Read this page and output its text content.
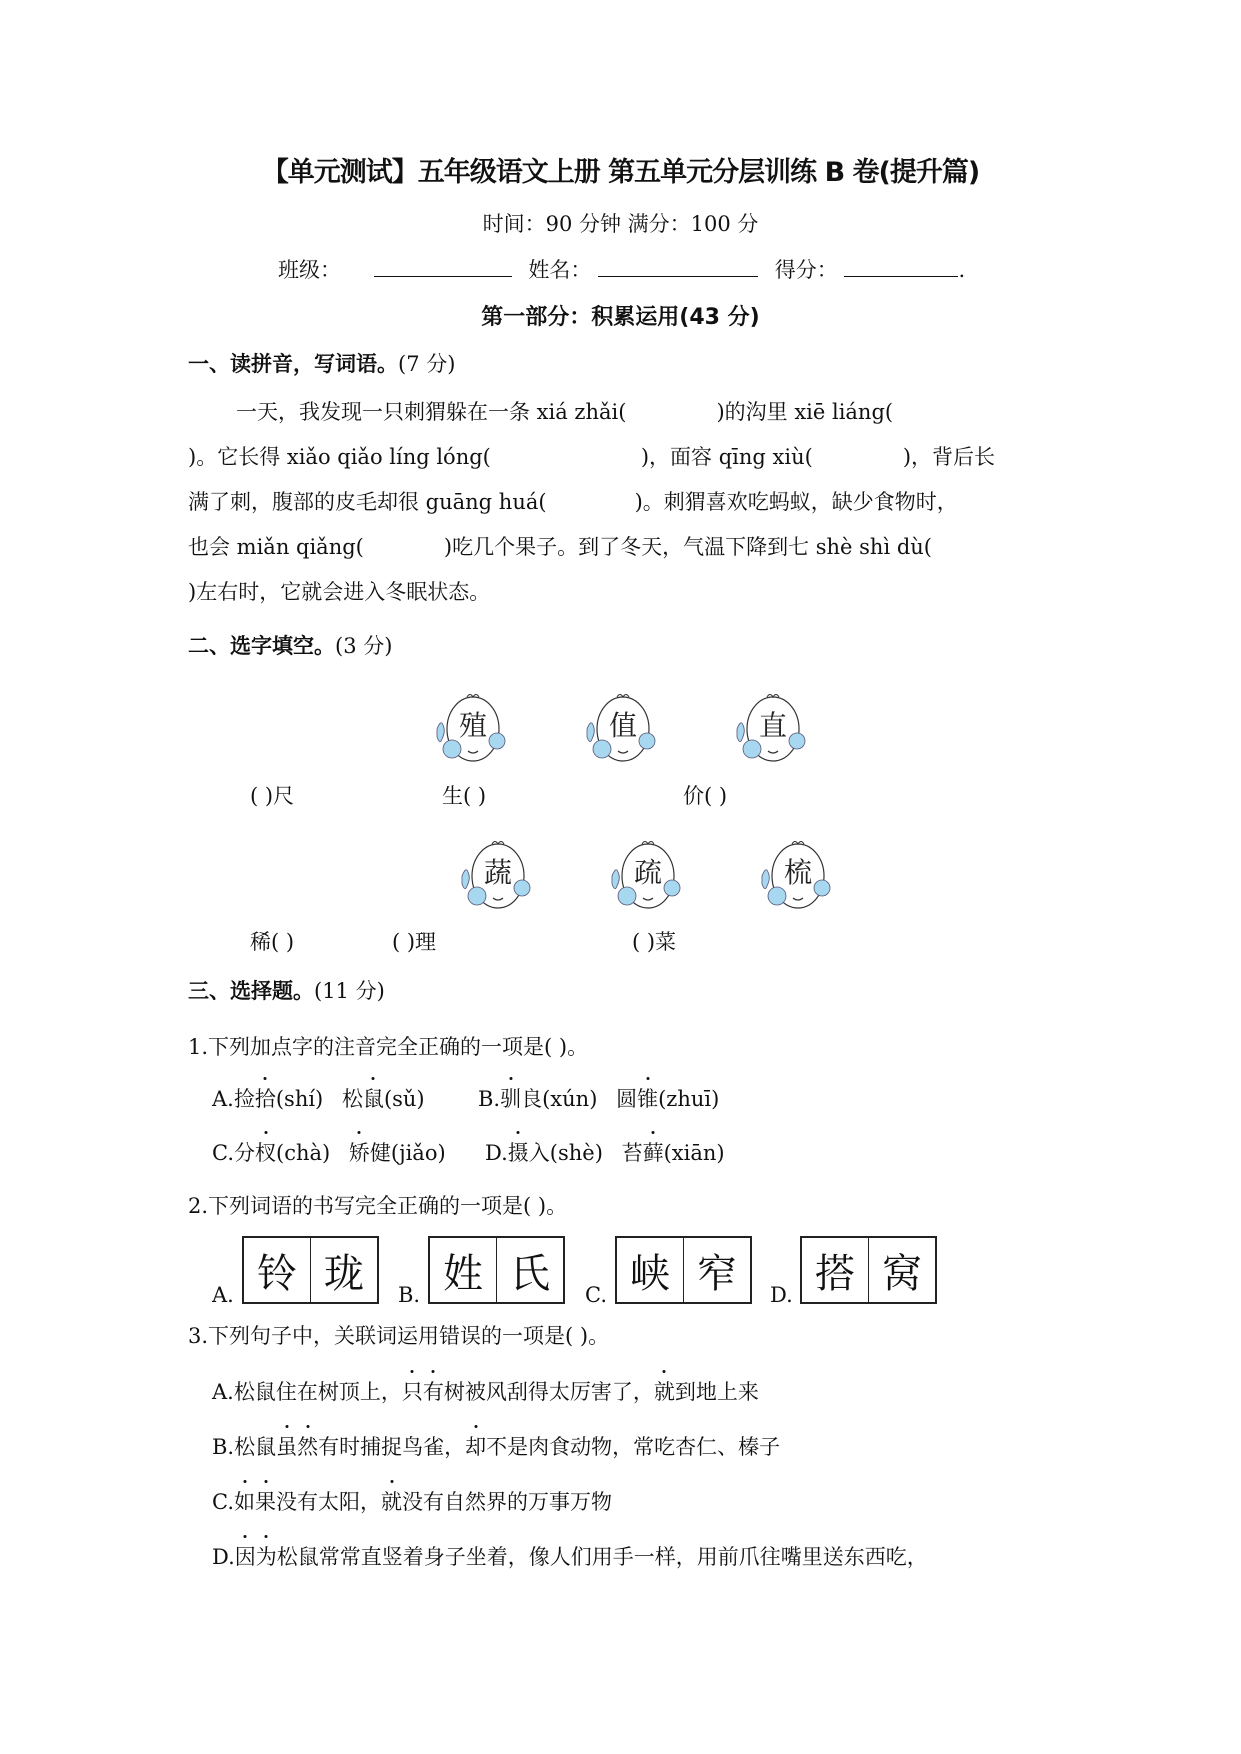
【单元测试】五年级语文上册 第五单元分层训练 B 卷(提升篇)
时间：90 分钟 满分：100 分
班级：	姓名：	得分：	.
第一部分：积累运用(43 分)
一、读拼音，写词语。(7 分)
一天，我发现一只刺猬躲在一条 xiá zhǎi(	)的沟里 xiē liáng(
)。它长得 xiǎo qiǎo líng lóng(	)，面容 qīng xiù(	)，背后长
满了刺，腹部的皮毛却很 guāng huá(	)。刺猬喜欢吃蚂蚁，缺少食物时，
也会 miǎn qiǎng(	)吃几个果子。到了冬天，气温下降到七 shè shì dù(
)左右时，它就会进入冬眠状态。
二、选字填空。(3 分)
殖	值	直
蔬	疏	梳
( )尺	生( )	价( )
稀( )	( )理	( )菜
三、选择题。(11 分)
1.下列加点字的注音完全正确的一项是( )。
A.捡拾(shí) 松鼠(sǔ)	B.驯良(xún) 圆锥(zhuī)
C.分杈(chà) 矫健(jiǎo) D.摄入(shè) 苔藓(xiān)
2.下列词语的书写完全正确的一项是( )。
A. 铃 珑	B. 姓 氏	C. 峡 窄	D. 搭 窝
3.下列句子中，关联词运用错误的一项是( )。
A.松鼠住在树顶上，只有树被风刮得太厉害了，就到地上来
B.松鼠虽然有时捕捉鸟雀，却不是肉食动物，常吃杏仁、榛子
C.如果没有太阳，就没有自然界的万事万物
D.因为松鼠常常直竖着身子坐着，像人们用手一样，用前爪往嘴里送东西吃，
